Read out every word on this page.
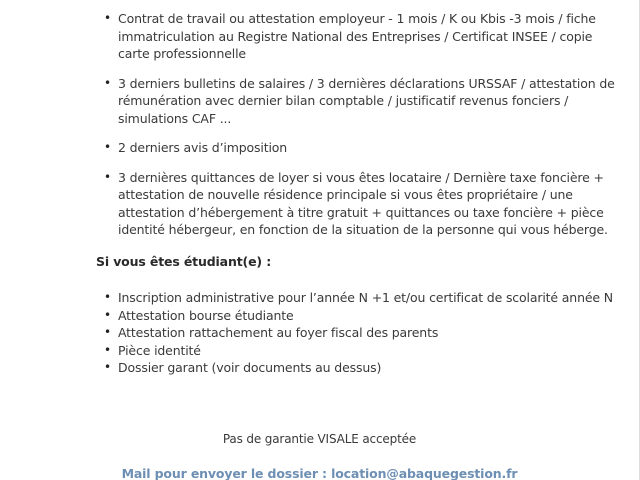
• Contrat de travail ou attestation employeur - 1 mois / K ou Kbis -3 mois / fiche immatriculation au Registre National des Entreprises / Certificat INSEE / copie carte professionnelle
• 3 derniers bulletins de salaires / 3 dernières déclarations URSSAF / attestation de rémunération avec dernier bilan comptable / justificatif revenus fonciers / simulations CAF ...
• 2 derniers avis d’imposition
• 3 dernières quittances de loyer si vous êtes locataire / Dernière taxe foncière + attestation de nouvelle résidence principale si vous êtes propriétaire / une attestation d’hébergement à titre gratuit + quittances ou taxe foncière + pièce identité hébergeur, en fonction de la situation de la personne qui vous héberge.
Si vous êtes étudiant(e) :
• Inscription administrative pour l’année N +1 et/ou certificat de scolarité année N
• Attestation bourse étudiante
• Attestation rattachement au foyer fiscal des parents
• Pièce identité
• Dossier garant (voir documents au dessus)
Pas de garantie VISALE acceptée
Mail pour envoyer le dossier : location@abaquegestion.fr
